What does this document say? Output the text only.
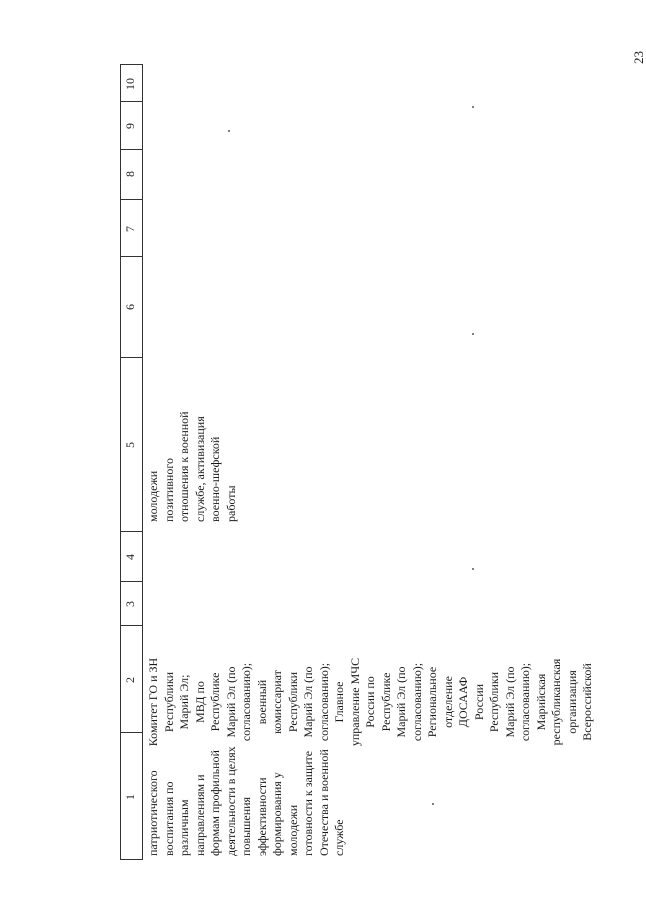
23
1
2
3
4
5
6
7
8
9
10
патриотического воспитания по различным направлениям и формам профильной деятельности в целях повышения эффективности формирования у молодежи готовности к защите Отечества и военной службе
Комитет ГО и ЗН Республики Марий Эл; МВД по Республике Марий Эл (по согласованию); военный комиссариат Республики Марий Эл (по согласованию); Главное управление МЧС России по Республике Марий Эл (по согласованию); Региональное отделение ДОСААФ России Республики Марий Эл (по согласованию); Марийская республиканская организация Всероссийской
молодежи позитивного отношения к военной службе, активизация военно-шефской работы
